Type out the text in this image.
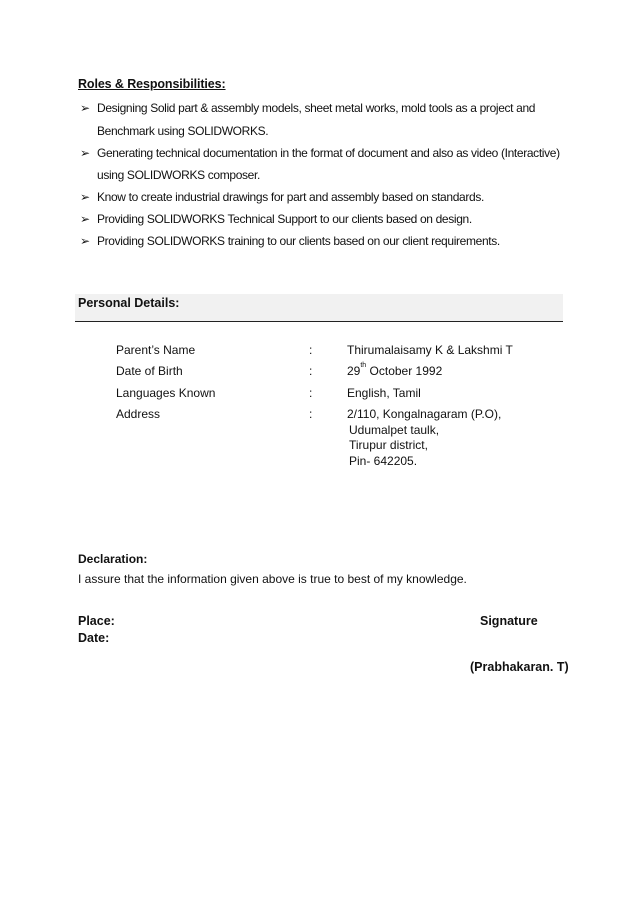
Roles & Responsibilities:
➢ Designing Solid part & assembly models, sheet metal works, mold tools as a project and
Benchmark using SOLIDWORKS.
➢ Generating technical documentation in the format of document and also as video (Interactive)
using SOLIDWORKS composer.
➢ Know to create industrial drawings for part and assembly based on standards.
➢ Providing SOLIDWORKS Technical Support to our clients based on design.
➢ Providing SOLIDWORKS training to our clients based on our client requirements.
Personal Details:
Parent’s Name	:	Thirumalaisamy K & Lakshmi T
Date of Birth	:	29th October 1992
Languages Known	:	English, Tamil
Address	:	2/110, Kongalnagaram (P.O),
Udumalpet taulk,
Tirupur district,
Pin- 642205.
Declaration:
I assure that the information given above is true to best of my knowledge.
Place:
Date:
Signature
(Prabhakaran. T)
